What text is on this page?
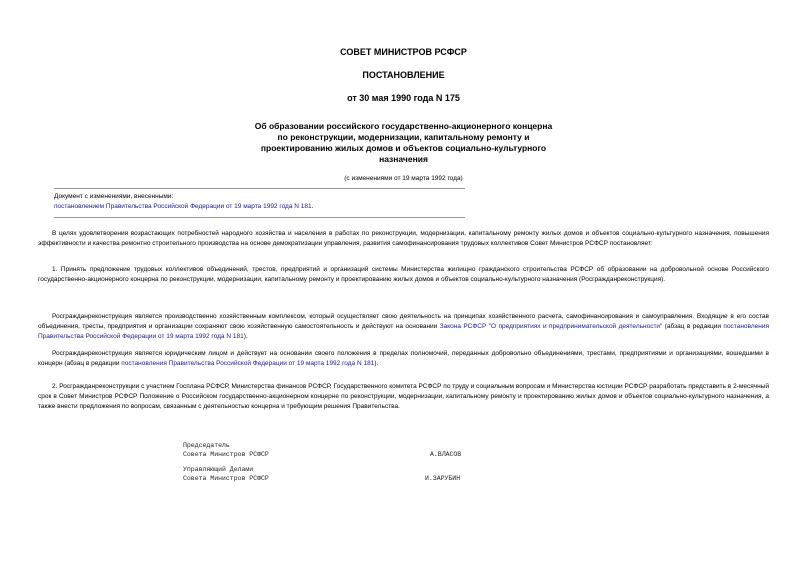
СОВЕТ МИНИСТРОВ РСФСР
ПОСТАНОВЛЕНИЕ
от 30 мая 1990 года N 175
Об образовании российского государственно-акционерного концерна
по реконструкции, модернизации, капитальному ремонту и
проектированию жилых домов и объектов социально-культурного
назначения
(с изменениями от 19 марта 1992 года)
Документ с изменениями, внесенными:
постановлением Правительства Российской Федерации от 19 марта 1992 года N 181.
В целях удовлетворения возрастающих потребностей народного хозяйства и населения в работах по реконструкции, модернизации, капитальному ремонту жилых домов и объектов социально-культурного назначения, повышения эффективности и качества ремонтно строительного производства на основе демократизации управления, развития самофинансирования трудовых коллективов Совет Министров РСФСР постановляет:
1. Принять предложение трудовых коллективов объединений, трестов, предприятий и организаций системы Министерства жилищно гражданского строительства РСФСР об образовании на добровольной основе Российского государственно-акционерного концерна по реконструкции, модернизации, капитальному ремонту и проектированию жилых домов и объектов социально-культурного назначения (Росгражданреконструкция).
Росгражданреконструкция является производственно хозяйственным комплексом, который осуществляет свою деятельность на принципах хозяйственного расчета, самофинансирования и самоуправления. Входящие в его состав объединения, тресты, предприятия и организации сохраняют свою хозяйственную самостоятельность и действуют на основании Закона РСФСР "О предприятиях и предпринимательской деятельности" (абзац в редакции постановления Правительства Российской Федерации от 19 марта 1992 года N 181).
Росгражданреконструкция является юридическим лицом и действует на основании своего положения в пределах полномочий, переданных добровольно объединениями, трестами, предприятиями и организациями, вошедшими в концерн (абзац в редакции постановления Правительства Российской Федерации от 19 марта 1992 года N 181).
2. Росгражданреконструкции с участием Госплана РСФСР, Министерства финансов РСФСР, Государственного комитета РСФСР по труду и социальным вопросам и Министерства юстиции РСФСР разработать представить в 2-месячный срок в Совет Министров РСФСР Положение о Российском государственно-акционерном концерне по реконструкции, модернизации, капитальному ремонту и проектированию жилых домов и объектов социально-культурного назначения, а также внести предложения по вопросам, связанным с деятельностью концерна и требующим решения Правительства.
Председатель
Совета Министров РСФСР	А.ВЛАСОВ
Управляющий Делами
Совета Министров РСФСР	И.ЗАРУБИН
